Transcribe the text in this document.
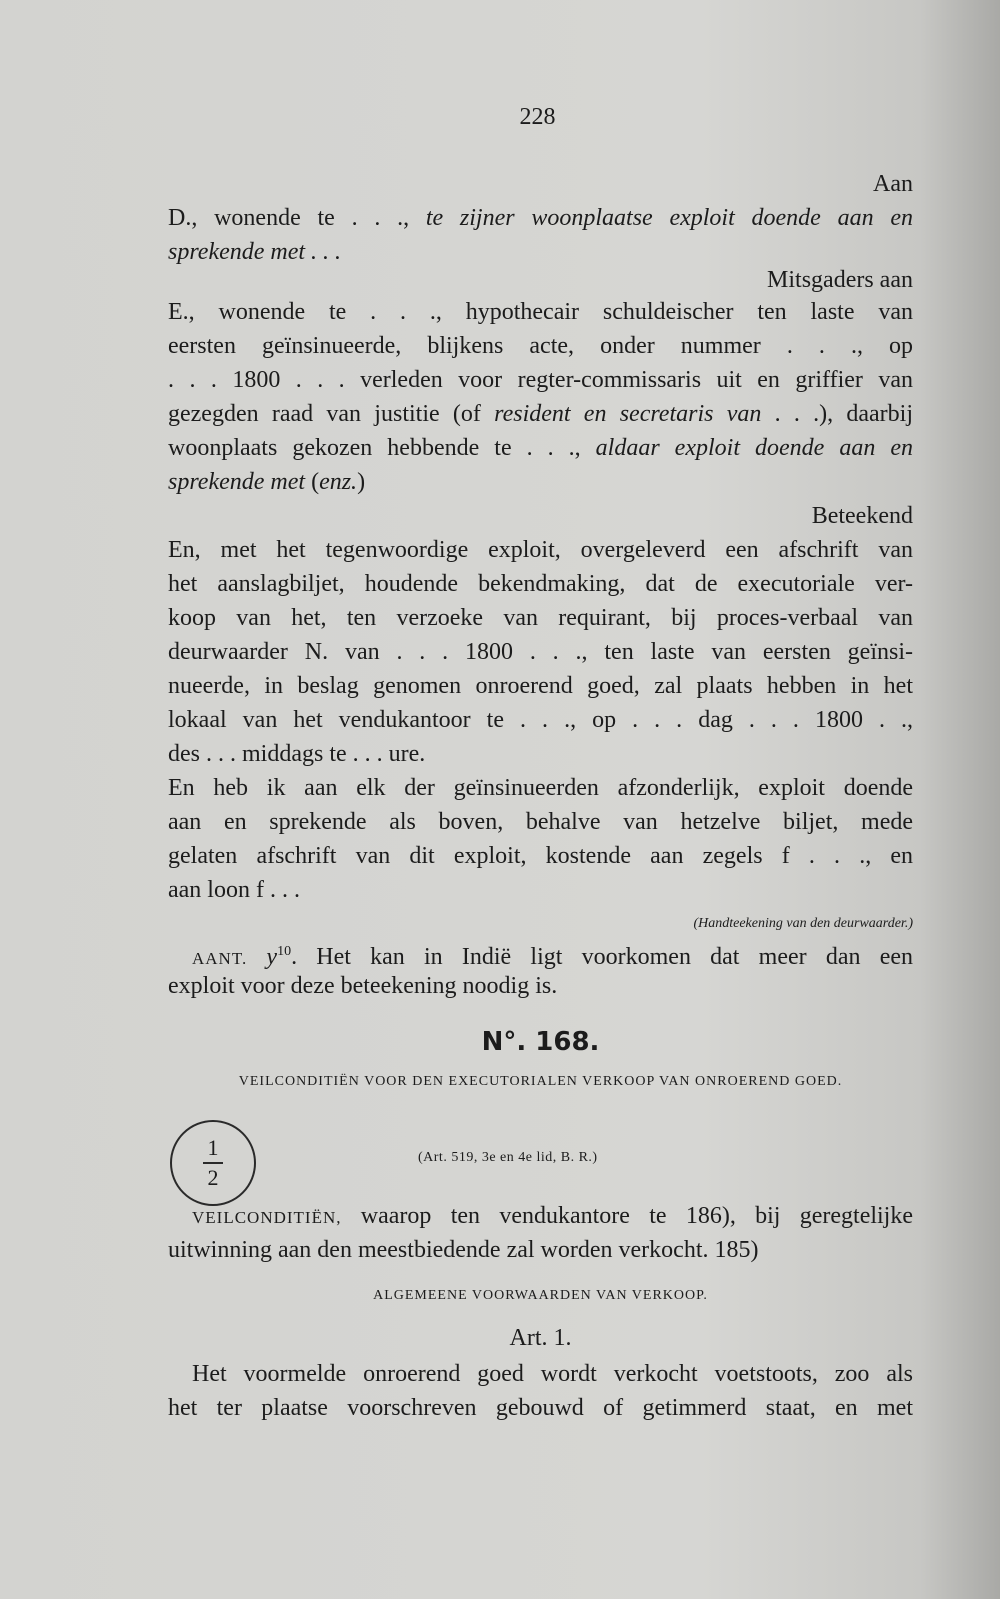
228
Aan
D., wonende te . . ., te zijner woonplaatse exploit doende aan en
sprekende met . . .
Mitsgaders aan
E., wonende te . . ., hypothecair schuldeischer ten laste van
eersten geïnsinueerde, blijkens acte, onder nummer . . ., op
. . . 1800 . . . verleden voor regter-commissaris uit en griffier van
gezegden raad van justitie (of resident en secretaris van . . .), daarbij
woonplaats gekozen hebbende te . . ., aldaar exploit doende aan en
sprekende met (enz.)
Beteekend
En, met het tegenwoordige exploit, overgeleverd een afschrift van
het aanslagbiljet, houdende bekendmaking, dat de executoriale ver-
koop van het, ten verzoeke van requirant, bij proces-verbaal van
deurwaarder N. van . . . 1800 . . ., ten laste van eersten geïnsi-
nueerde, in beslag genomen onroerend goed, zal plaats hebben in het
lokaal van het vendukantoor te . . ., op . . . dag . . . 1800 . .,
des . . . middags te . . . ure.
En heb ik aan elk der geïnsinueerden afzonderlijk, exploit doende
aan en sprekende als boven, behalve van hetzelve biljet, mede
gelaten afschrift van dit exploit, kostende aan zegels f . . ., en
aan loon f . . .
(Handteekening van den deurwaarder.)
AANT. $y^{10}$. Het kan in Indië ligt voorkomen dat meer dan een
exploit voor deze beteekening noodig is.
N°. 168.
VEILCONDITIËN VOOR DEN EXECUTORIALEN VERKOOP VAN ONROEREND GOED.
1
2
(Art. 519, 3e en 4e lid, B. R.)
VEILCONDITIËN, waarop ten vendukantore te 186), bij geregtelijke
uitwinning aan den meestbiedende zal worden verkocht. 185)
ALGEMEENE VOORWAARDEN VAN VERKOOP.
Art. 1.
Het voormelde onroerend goed wordt verkocht voetstoots, zoo als
het ter plaatse voorschreven gebouwd of getimmerd staat, en met
